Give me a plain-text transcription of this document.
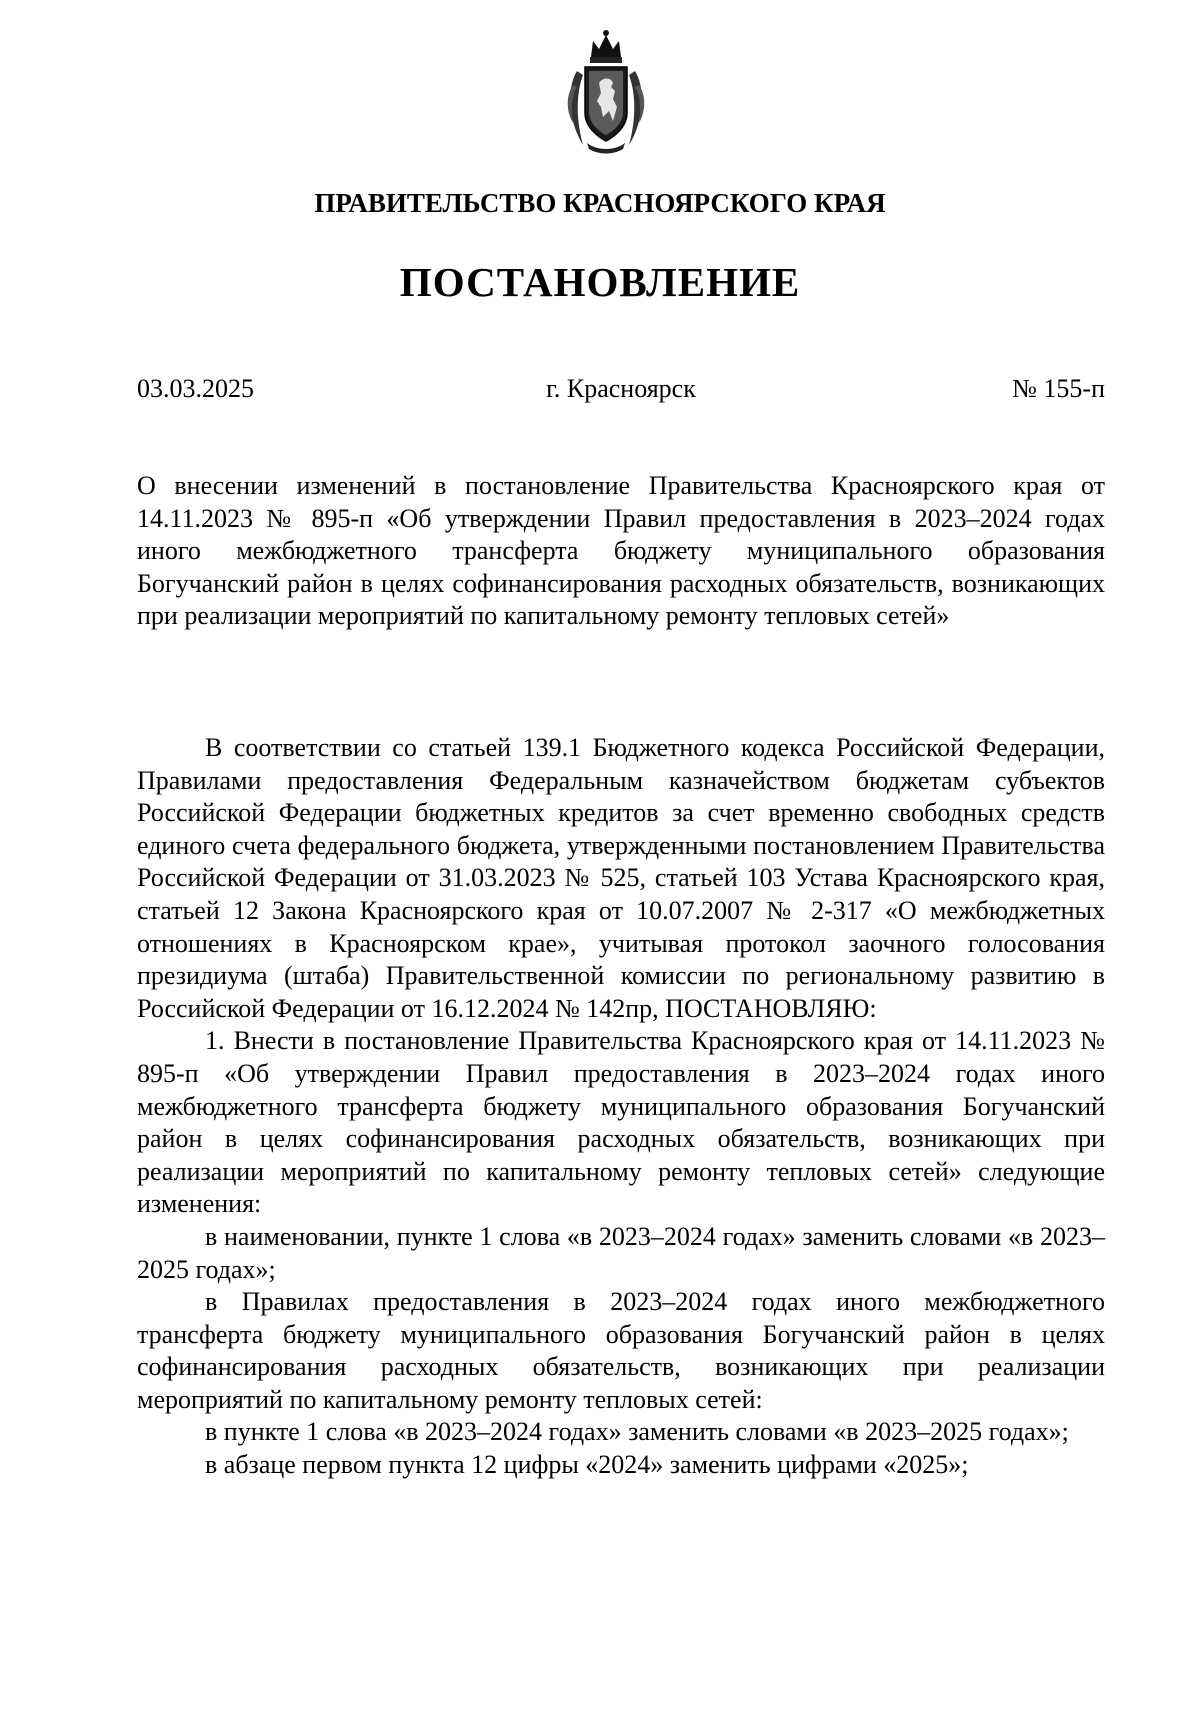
ПРАВИТЕЛЬСТВО КРАСНОЯРСКОГО КРАЯ
ПОСТАНОВЛЕНИЕ
03.03.2025	г. Красноярск	№ 155-п
О внесении изменений в постановление Правительства Красноярского края от 14.11.2023 № 895-п «Об утверждении Правил предоставления в 2023–2024 годах иного межбюджетного трансферта бюджету муниципального образования Богучанский район в целях софинансирования расходных обязательств, возникающих при реализации мероприятий по капитальному ремонту тепловых сетей»

В соответствии со статьей 139.1 Бюджетного кодекса Российской Федерации, Правилами предоставления Федеральным казначейством бюджетам субъектов Российской Федерации бюджетных кредитов за счет временно свободных средств единого счета федерального бюджета, утвержденными постановлением Правительства Российской Федерации от 31.03.2023 № 525, статьей 103 Устава Красноярского края, статьей 12 Закона Красноярского края от 10.07.2007 № 2-317 «О межбюджетных отношениях в Красноярском крае», учитывая протокол заочного голосования президиума (штаба) Правительственной комиссии по региональному развитию в Российской Федерации от 16.12.2024 № 142пр, ПОСТАНОВЛЯЮ:

1. Внести в постановление Правительства Красноярского края от 14.11.2023 № 895-п «Об утверждении Правил предоставления в 2023–2024 годах иного межбюджетного трансферта бюджету муниципального образования Богучанский район в целях софинансирования расходных обязательств, возникающих при реализации мероприятий по капитальному ремонту тепловых сетей» следующие изменения:

в наименовании, пункте 1 слова «в 2023–2024 годах» заменить словами «в 2023–2025 годах»;

в Правилах предоставления в 2023–2024 годах иного межбюджетного трансферта бюджету муниципального образования Богучанский район в целях софинансирования расходных обязательств, возникающих при реализации мероприятий по капитальному ремонту тепловых сетей:

в пункте 1 слова «в 2023–2024 годах» заменить словами «в 2023–2025 годах»;

в абзаце первом пункта 12 цифры «2024» заменить цифрами «2025»;
